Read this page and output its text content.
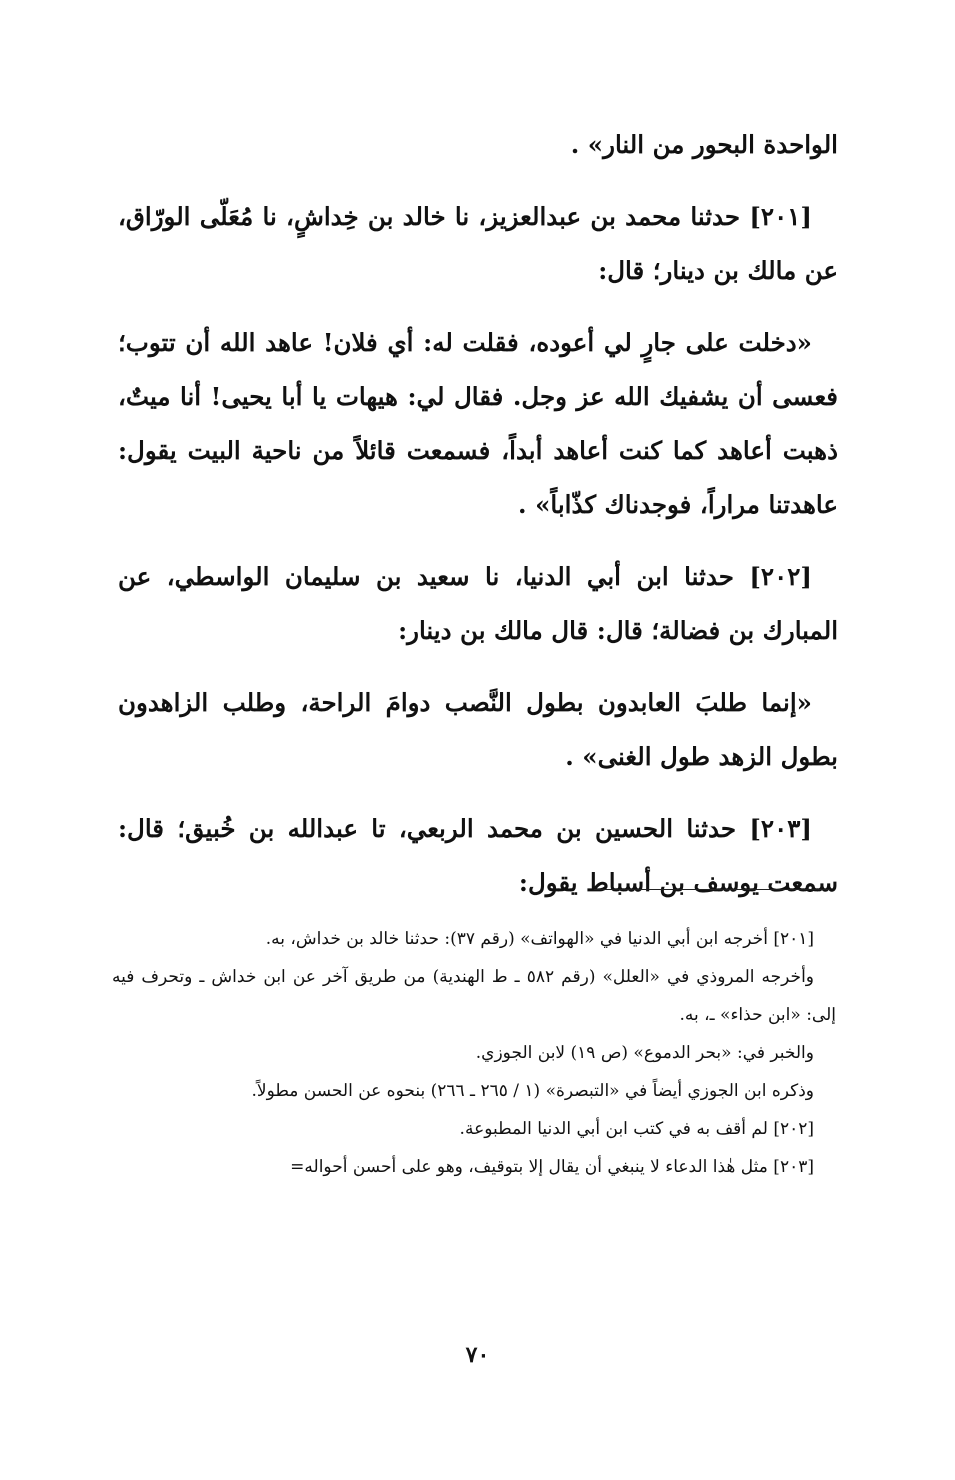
الواحدة البحور من النار» .

[٢٠١] حدثنا محمد بن عبدالعزيز، نا خالد بن خِداشٍ، نا مُعَلّى الورّاق، عن مالك بن دينار؛ قال:

«دخلت على جارٍ لي أعوده، فقلت له: أي فلان! عاهد الله أن تتوب؛ فعسى أن يشفيك الله عز وجل. فقال لي: هيهات يا أبا يحيى! أنا ميتٌ، ذهبت أعاهد كما كنت أعاهد أبداً، فسمعت قائلاً من ناحية البيت يقول: عاهدتنا مراراً، فوجدناك كذّاباً» .

[٢٠٢] حدثنا ابن أبي الدنيا، نا سعيد بن سليمان الواسطي، عن المبارك بن فضالة؛ قال: قال مالك بن دينار:

«إنما طلبَ العابدون بطول النَّصب دوامَ الراحة، وطلب الزاهدون بطول الزهد طول الغنى» .

[٢٠٣] حدثنا الحسين بن محمد الربعي، تا عبدالله بن خُبيق؛ قال: سمعت يوسف بن أسباط يقول:

[٢٠١] أخرجه ابن أبي الدنيا في «الهواتف» (رقم ٣٧): حدثنا خالد بن خداش، به.

وأخرجه المروذي في «العلل» (رقم ٥٨٢ ـ ط الهندية) من طريق آخر عن ابن خداش ـ وتحرف فيه إلى: «ابن حذاء» ـ، به.

والخبر في: «بحر الدموع» (ص ١٩) لابن الجوزي.

وذكره ابن الجوزي أيضاً في «التبصرة» (١ / ٢٦٥ ـ ٢٦٦) بنحوه عن الحسن مطولاً.

[٢٠٢] لم أقف به في كتب ابن أبي الدنيا المطبوعة.

[٢٠٣] مثل هٰذا الدعاء لا ينبغي أن يقال إلا بتوقيف، وهو على أحسن أحواله=

٧٠
